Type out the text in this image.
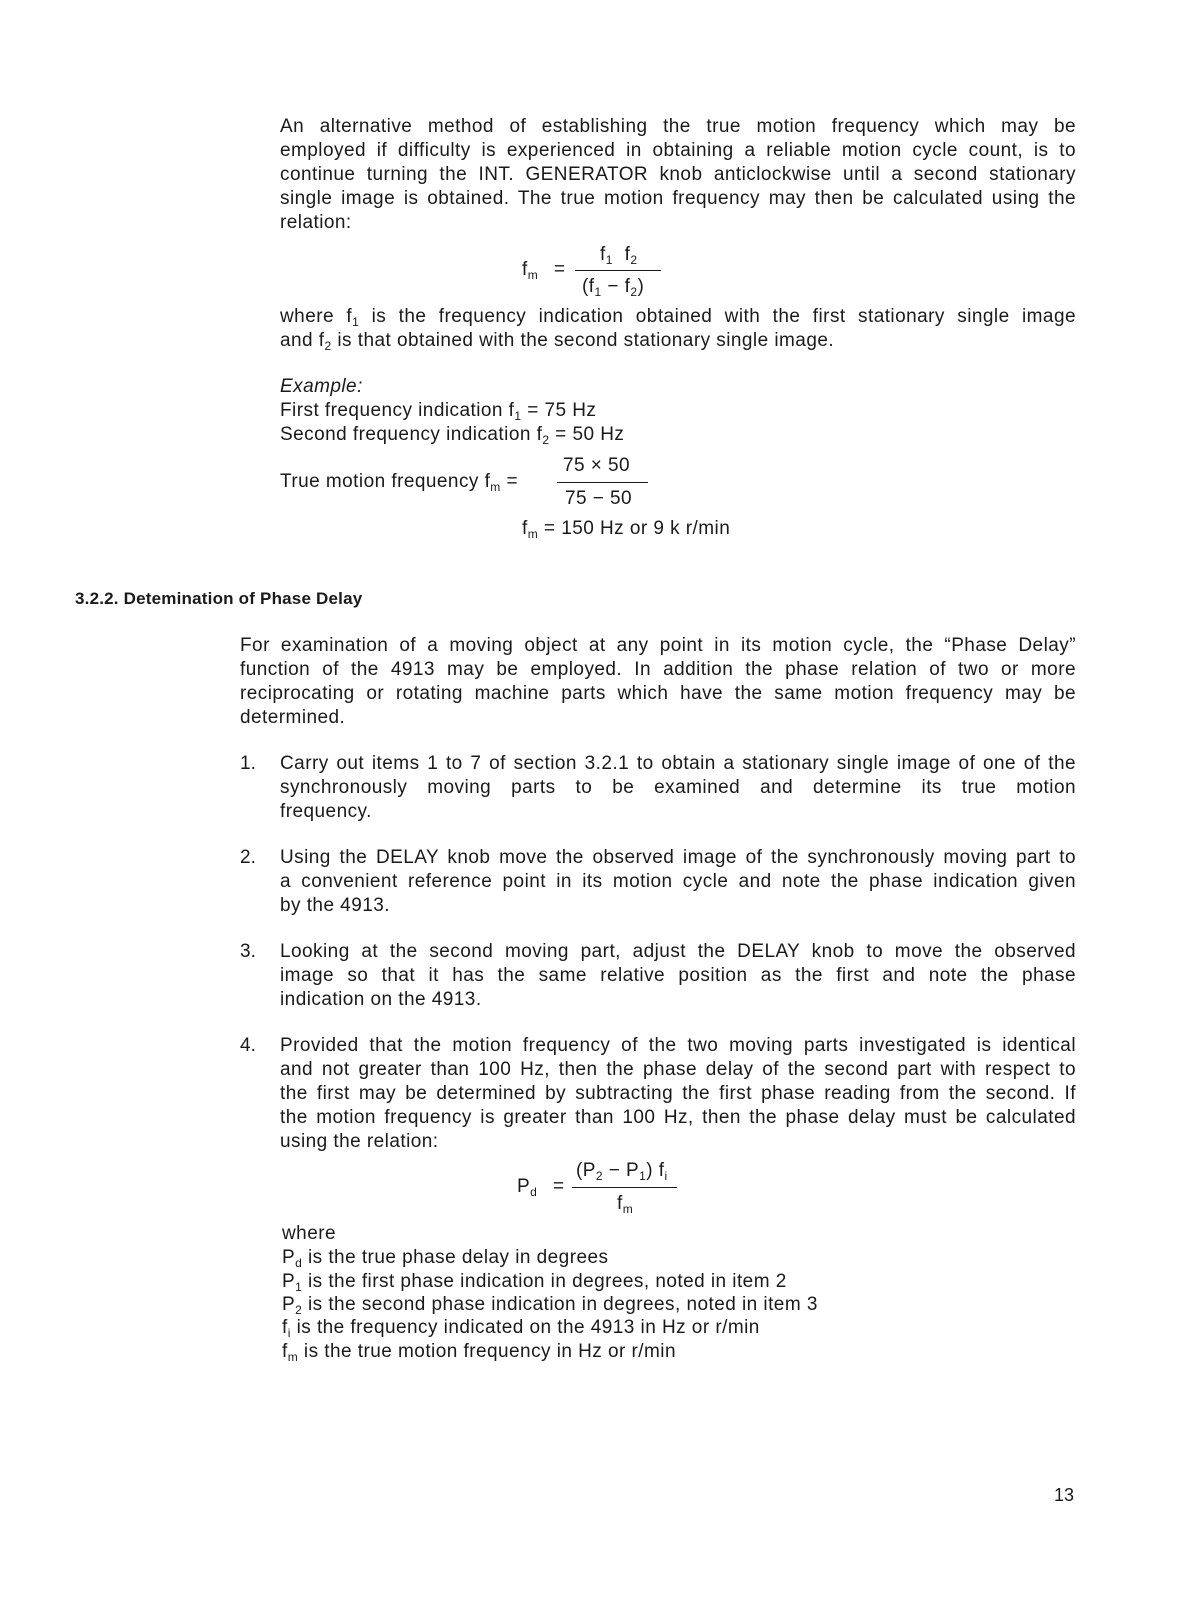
An alternative method of establishing the true motion frequency which may be
employed if difficulty is experienced in obtaining a reliable motion cycle count, is to
continue turning the INT. GENERATOR knob anticlockwise until a second stationary
single image is obtained. The true motion frequency may then be calculated using the
relation:
$f_m$ =
$f_1$ $f_2$
$(f_1 - f_2)$
where $f_1$ is the frequency indication obtained with the first stationary single image
and $f_2$ is that obtained with the second stationary single image.
Example:
First frequency indication $f_1 = 75$ Hz
Second frequency indication $f_2 = 50$ Hz
True motion frequency $f_m$ =
75 × 50
75 − 50
$f_m = 150$ Hz or 9 k r/min
3.2.2. Detemination of Phase Delay
For examination of a moving object at any point in its motion cycle, the “Phase Delay”
function of the 4913 may be employed. In addition the phase relation of two or more
reciprocating or rotating machine parts which have the same motion frequency may be
determined.
1. Carry out items 1 to 7 of section 3.2.1 to obtain a stationary single image of one of the
synchronously moving parts to be examined and determine its true motion
frequency.
2. Using the DELAY knob move the observed image of the synchronously moving part to
a convenient reference point in its motion cycle and note the phase indication given
by the 4913.
3. Looking at the second moving part, adjust the DELAY knob to move the observed
image so that it has the same relative position as the first and note the phase
indication on the 4913.
4. Provided that the motion frequency of the two moving parts investigated is identical
and not greater than 100 Hz, then the phase delay of the second part with respect to
the first may be determined by subtracting the first phase reading from the second. If
the motion frequency is greater than 100 Hz, then the phase delay must be calculated
using the relation:
$P_d$ =
$(P_2 - P_1)$ $f_i$
$f_m$
where
$P_d$ is the true phase delay in degrees
$P_1$ is the first phase indication in degrees, noted in item 2
$P_2$ is the second phase indication in degrees, noted in item 3
$f_i$ is the frequency indicated on the 4913 in Hz or r/min
$f_m$ is the true motion frequency in Hz or r/min
13
